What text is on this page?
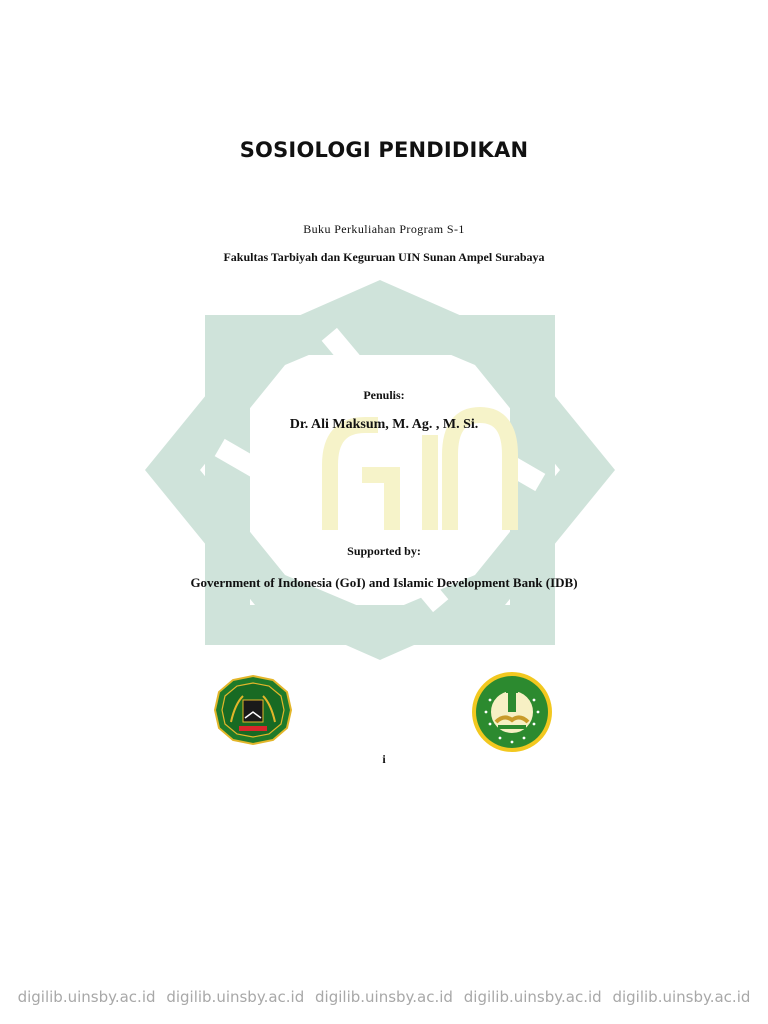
SOSIOLOGI PENDIDIKAN
Buku Perkuliahan Program S-1
Fakultas Tarbiyah dan Keguruan UIN Sunan Ampel Surabaya
Penulis:
Dr. Ali Maksum, M. Ag. , M. Si.
Supported by:
Government of Indonesia (GoI) and Islamic Development Bank (IDB)
i
digilib.uinsby.ac.id digilib.uinsby.ac.id digilib.uinsby.ac.id digilib.uinsby.ac.id digilib.uinsby.ac.id
